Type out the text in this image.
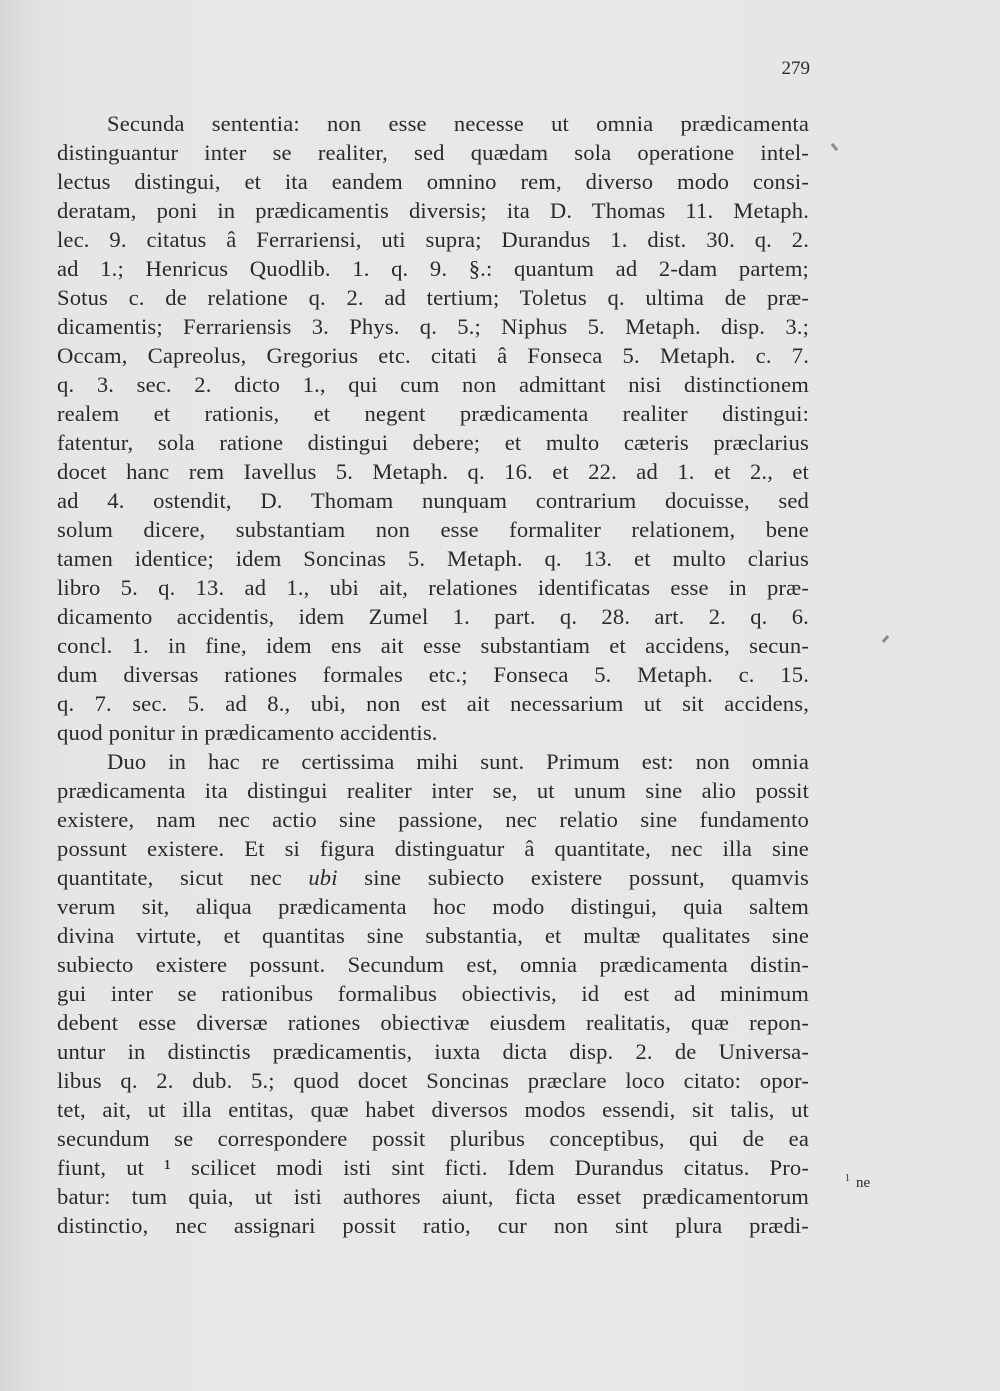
279
Secunda sententia: non esse necesse ut omnia prædicamenta
distinguantur inter se realiter, sed quædam sola operatione intel-
lectus distingui, et ita eandem omnino rem, diverso modo consi-
deratam, poni in prædicamentis diversis; ita D. Thomas 11. Metaph.
lec. 9. citatus â Ferrariensi, uti supra; Durandus 1. dist. 30. q. 2.
ad 1.; Henricus Quodlib. 1. q. 9. §.: quantum ad 2-dam partem;
Sotus c. de relatione q. 2. ad tertium; Toletus q. ultima de præ-
dicamentis; Ferrariensis 3. Phys. q. 5.; Niphus 5. Metaph. disp. 3.;
Occam, Capreolus, Gregorius etc. citati â Fonseca 5. Metaph. c. 7.
q. 3. sec. 2. dicto 1., qui cum non admittant nisi distinctionem
realem et rationis, et negent prædicamenta realiter distingui:
fatentur, sola ratione distingui debere; et multo cæteris præclarius
docet hanc rem Iavellus 5. Metaph. q. 16. et 22. ad 1. et 2., et
ad 4. ostendit, D. Thomam nunquam contrarium docuisse, sed
solum dicere, substantiam non esse formaliter relationem, bene
tamen identice; idem Soncinas 5. Metaph. q. 13. et multo clarius
libro 5. q. 13. ad 1., ubi ait, relationes identificatas esse in præ-
dicamento accidentis, idem Zumel 1. part. q. 28. art. 2. q. 6.
concl. 1. in fine, idem ens ait esse substantiam et accidens, secun-
dum diversas rationes formales etc.; Fonseca 5. Metaph. c. 15.
q. 7. sec. 5. ad 8., ubi, non est ait necessarium ut sit accidens,
quod ponitur in prædicamento accidentis.
Duo in hac re certissima mihi sunt. Primum est: non omnia
prædicamenta ita distingui realiter inter se, ut unum sine alio possit
existere, nam nec actio sine passione, nec relatio sine fundamento
possunt existere. Et si figura distinguatur â quantitate, nec illa sine
quantitate, sicut nec ubi sine subiecto existere possunt, quamvis
verum sit, aliqua prædicamenta hoc modo distingui, quia saltem
divina virtute, et quantitas sine substantia, et multæ qualitates sine
subiecto existere possunt. Secundum est, omnia prædicamenta distin-
gui inter se rationibus formalibus obiectivis, id est ad minimum
debent esse diversæ rationes obiectivæ eiusdem realitatis, quæ repon-
untur in distinctis prædicamentis, iuxta dicta disp. 2. de Universa-
libus q. 2. dub. 5.; quod docet Soncinas præclare loco citato: opor-
tet, ait, ut illa entitas, quæ habet diversos modos essendi, sit talis, ut
secundum se correspondere possit pluribus conceptibus, qui de ea
fiunt, ut ¹ scilicet modi isti sint ficti. Idem Durandus citatus. Pro-
batur: tum quia, ut isti authores aiunt, ficta esset prædicamentorum
distinctio, nec assignari possit ratio, cur non sint plura prædi-
$^1$ ne
